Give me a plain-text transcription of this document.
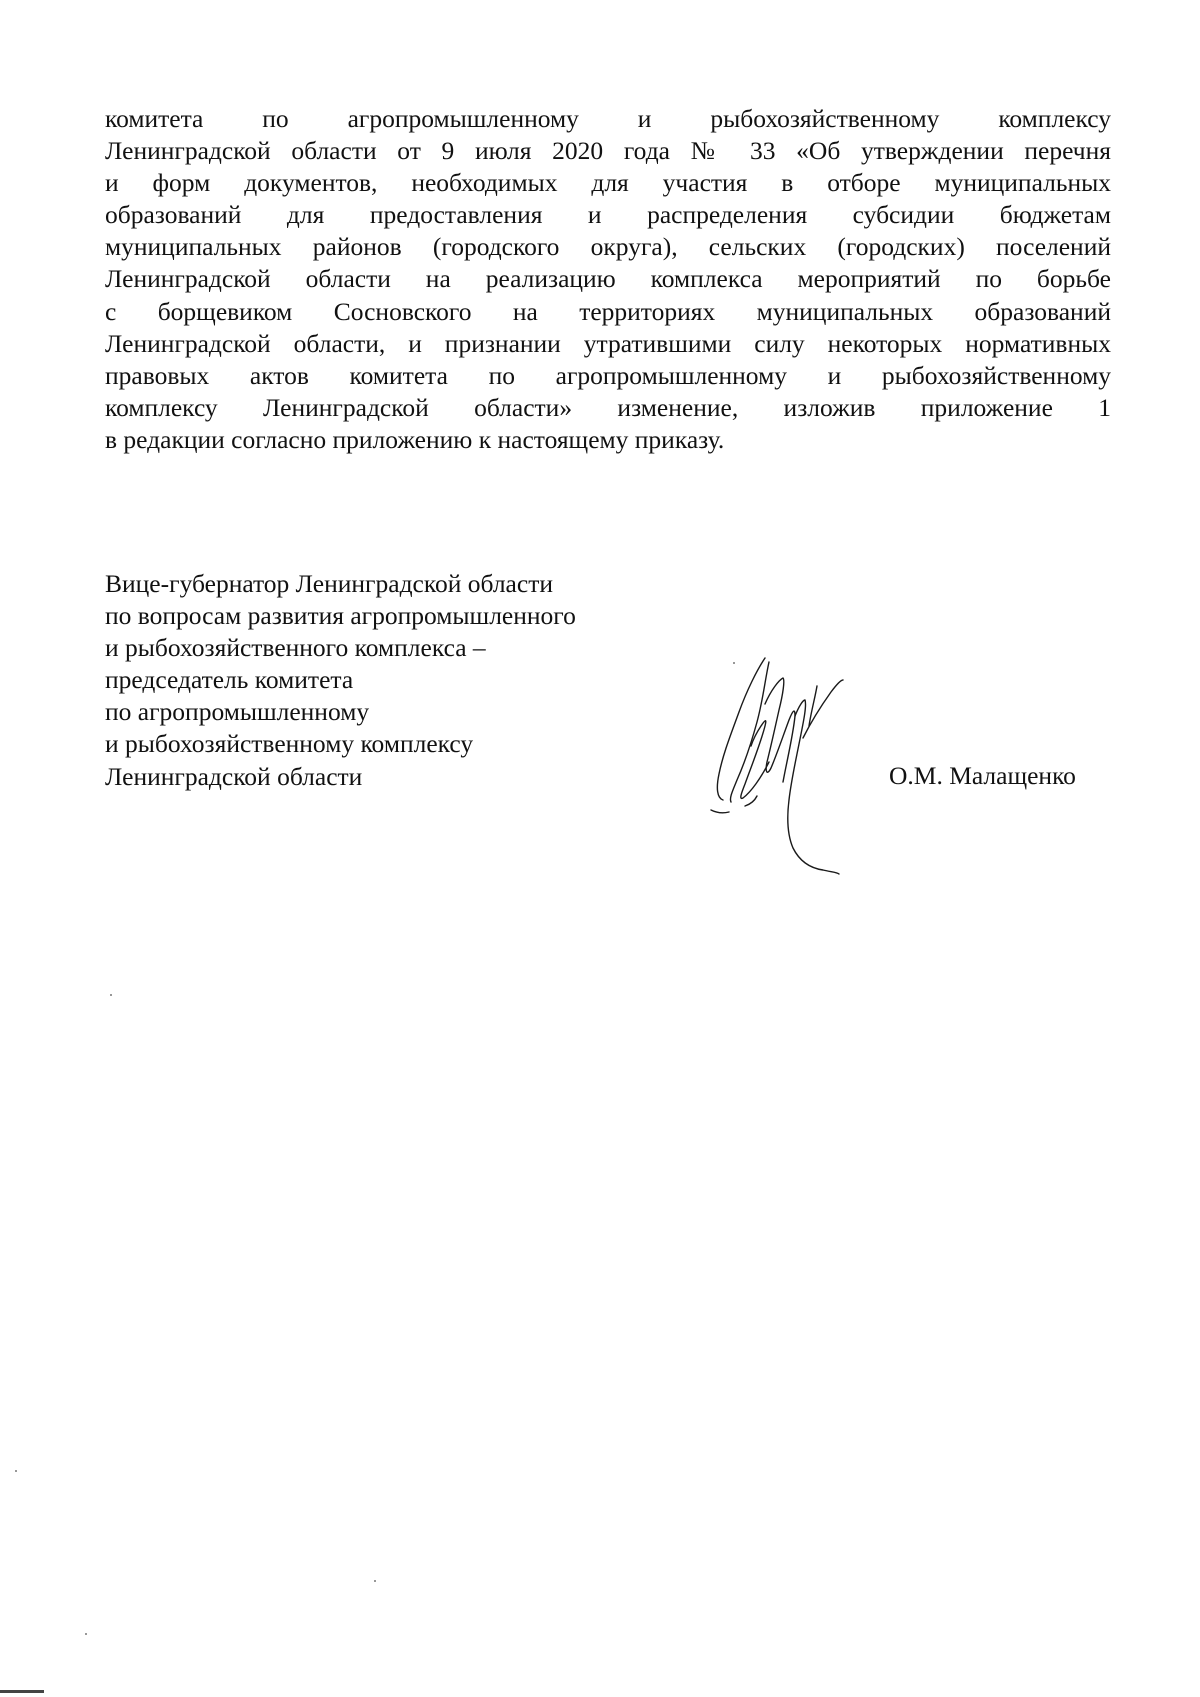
комитета по агропромышленному и рыбохозяйственному комплексу
Ленинградской области от 9 июля 2020 года № 33 «Об утверждении перечня
и форм документов, необходимых для участия в отборе муниципальных
образований для предоставления и распределения субсидии бюджетам
муниципальных районов (городского округа), сельских (городских) поселений
Ленинградской области на реализацию комплекса мероприятий по борьбе
с борщевиком Сосновского на территориях муниципальных образований
Ленинградской области, и признании утратившими силу некоторых нормативных
правовых актов комитета по агропромышленному и рыбохозяйственному
комплексу Ленинградской области» изменение, изложив приложение 1
в редакции согласно приложению к настоящему приказу.
Вице-губернатор Ленинградской области
по вопросам развития агропромышленного
и рыбохозяйственного комплекса –
председатель комитета
по агропромышленному
и рыбохозяйственному комплексу
Ленинградской области	О.М. Малащенко
